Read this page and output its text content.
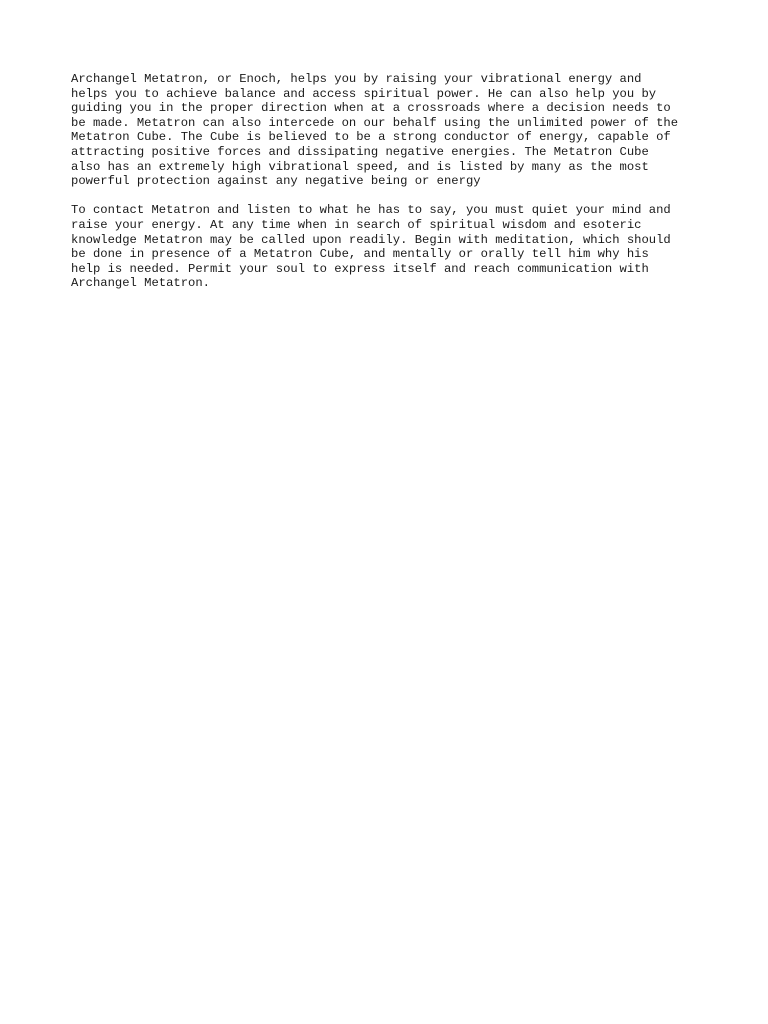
Archangel Metatron, or Enoch, helps you by raising your vibrational energy and
helps you to achieve balance and access spiritual power. He can also help you by
guiding you in the proper direction when at a crossroads where a decision needs to
be made. Metatron can also intercede on our behalf using the unlimited power of the
Metatron Cube. The Cube is believed to be a strong conductor of energy, capable of
attracting positive forces and dissipating negative energies. The Metatron Cube
also has an extremely high vibrational speed, and is listed by many as the most
powerful protection against any negative being or energy

To contact Metatron and listen to what he has to say, you must quiet your mind and
raise your energy. At any time when in search of spiritual wisdom and esoteric
knowledge Metatron may be called upon readily. Begin with meditation, which should
be done in presence of a Metatron Cube, and mentally or orally tell him why his
help is needed. Permit your soul to express itself and reach communication with
Archangel Metatron.
